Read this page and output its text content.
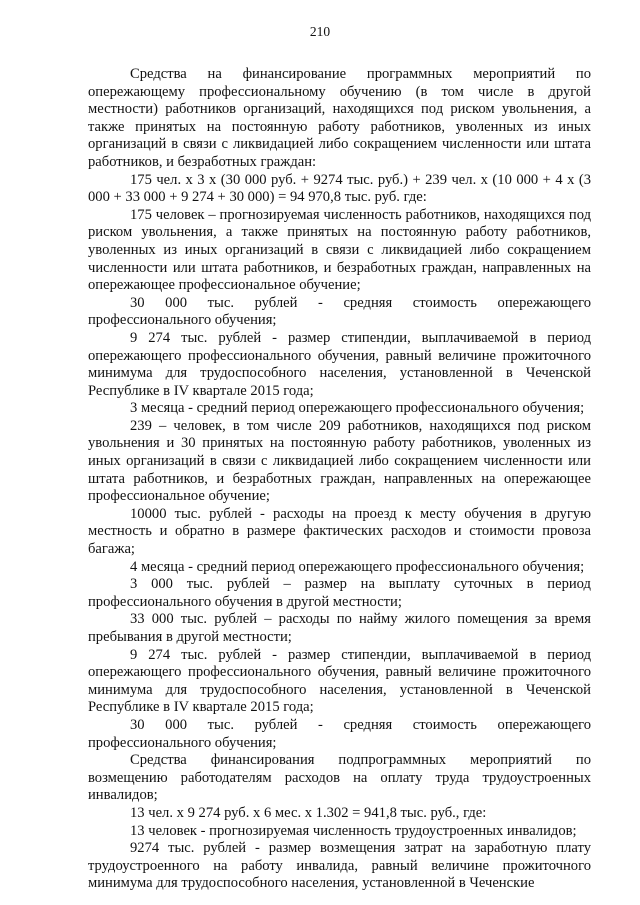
210

Средства на финансирование программных мероприятий по опережающему профессиональному обучению (в том числе в другой местности) работников организаций, находящихся под риском увольнения, а также принятых на постоянную работу работников, уволенных из иных организаций в связи с ликвидацией либо сокращением численности или штата работников, и безработных граждан:

175 чел. x 3 x (30 000 руб. + 9274 тыс. руб.) + 239 чел. x (10 000 + 4 x (3 000 + 33 000 + 9 274 + 30 000) = 94 970,8 тыс. руб. где:

175 человек – прогнозируемая численность работников, находящихся под риском увольнения, а также принятых на постоянную работу работников, уволенных из иных организаций в связи с ликвидацией либо сокращением численности или штата работников, и безработных граждан, направленных на опережающее профессиональное обучение;

30 000 тыс. рублей - средняя стоимость опережающего профессионального обучения;

9 274 тыс. рублей - размер стипендии, выплачиваемой в период опережающего профессионального обучения, равный величине прожиточного минимума для трудоспособного населения, установленной в Чеченской Республике в IV квартале 2015 года;

3 месяца - средний период опережающего профессионального обучения;

239 – человек, в том числе 209 работников, находящихся под риском увольнения и 30 принятых на постоянную работу работников, уволенных из иных организаций в связи с ликвидацией либо сокращением численности или штата работников, и безработных граждан, направленных на опережающее профессиональное обучение;

10000 тыс. рублей - расходы на проезд к месту обучения в другую местность и обратно в размере фактических расходов и стоимости провоза багажа;

4 месяца - средний период опережающего профессионального обучения;

3 000 тыс. рублей – размер на выплату суточных в период профессионального обучения в другой местности;

33 000 тыс. рублей – расходы по найму жилого помещения за время пребывания в другой местности;

9 274 тыс. рублей - размер стипендии, выплачиваемой в период опережающего профессионального обучения, равный величине прожиточного минимума для трудоспособного населения, установленной в Чеченской Республике в IV квартале 2015 года;

30 000 тыс. рублей - средняя стоимость опережающего профессионального обучения;

Средства финансирования подпрограммных мероприятий по возмещению работодателям расходов на оплату труда трудоустроенных инвалидов;

13 чел. х 9 274 руб. х 6 мес. х 1.302 = 941,8 тыс. руб., где:

13 человек - прогнозируемая численность трудоустроенных инвалидов;

9274 тыс. рублей - размер возмещения затрат на заработную плату трудоустроенного на работу инвалида, равный величине прожиточного минимума для трудоспособного населения, установленной в Чеченские
